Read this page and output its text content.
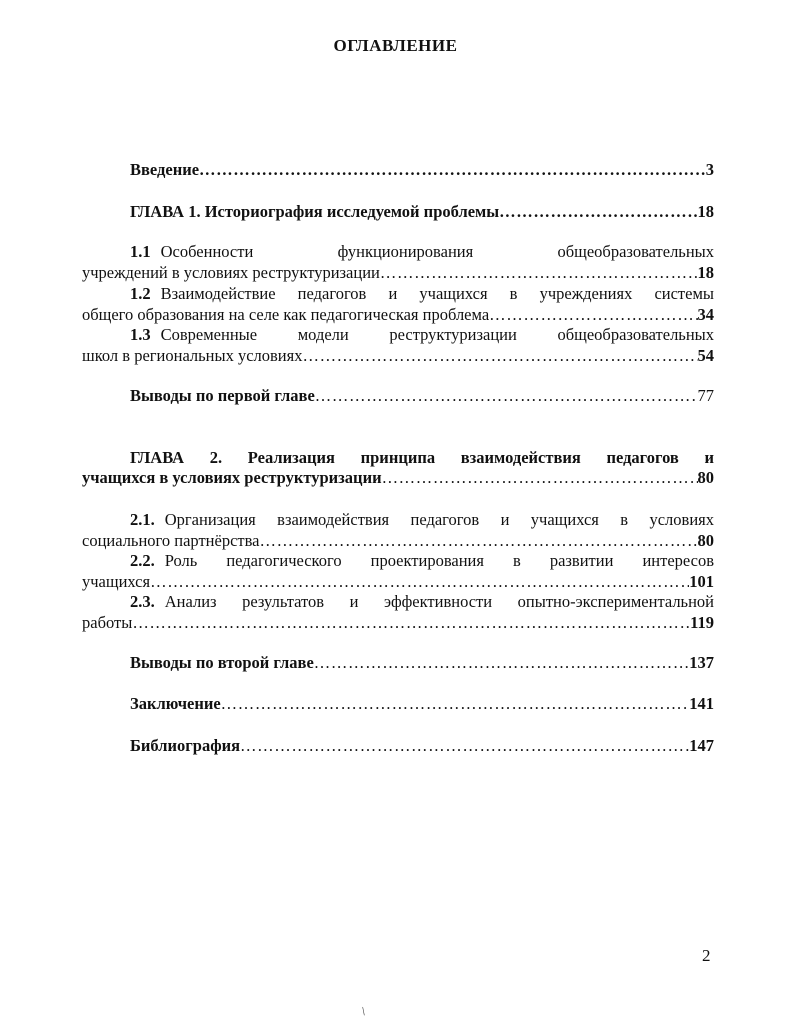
ОГЛАВЛЕНИЕ
Введение …………………………………………………………………………………………………………………………………………………………	3
ГЛАВА 1. Историография исследуемой проблемы …………………………………………………………………………………………………………………………………………………………	18
1.1 Особенности функционирования общеобразовательных
учреждений в условиях реструктуризации …………………………………………………………………………………………………………………………………………………………	18
1.2 Взаимодействие педагогов и учащихся в учреждениях системы
общего образования на селе как педагогическая проблема …………………………………………………………………………………………………………………………………………………………	34
1.3 Современные модели реструктуризации общеобразовательных
школ в региональных условиях …………………………………………………………………………………………………………………………………………………………	54
Выводы по первой главе …………………………………………………………………………………………………………………………………………………………	77
ГЛАВА 2. Реализация принципа взаимодействия педагогов и
учащихся в условиях реструктуризации …………………………………………………………………………………………………………………………………………………………	80
2.1. Организация взаимодействия педагогов и учащихся в условиях
социального партнёрства …………………………………………………………………………………………………………………………………………………………	80
2.2. Роль педагогического проектирования в развитии интересов
учащихся …………………………………………………………………………………………………………………………………………………………	101
2.3. Анализ результатов и эффективности опытно-экспериментальной
работы …………………………………………………………………………………………………………………………………………………………	119
Выводы по второй главе …………………………………………………………………………………………………………………………………………………………	137
Заключение …………………………………………………………………………………………………………………………………………………………	141
Библиография …………………………………………………………………………………………………………………………………………………………	147
2
/
